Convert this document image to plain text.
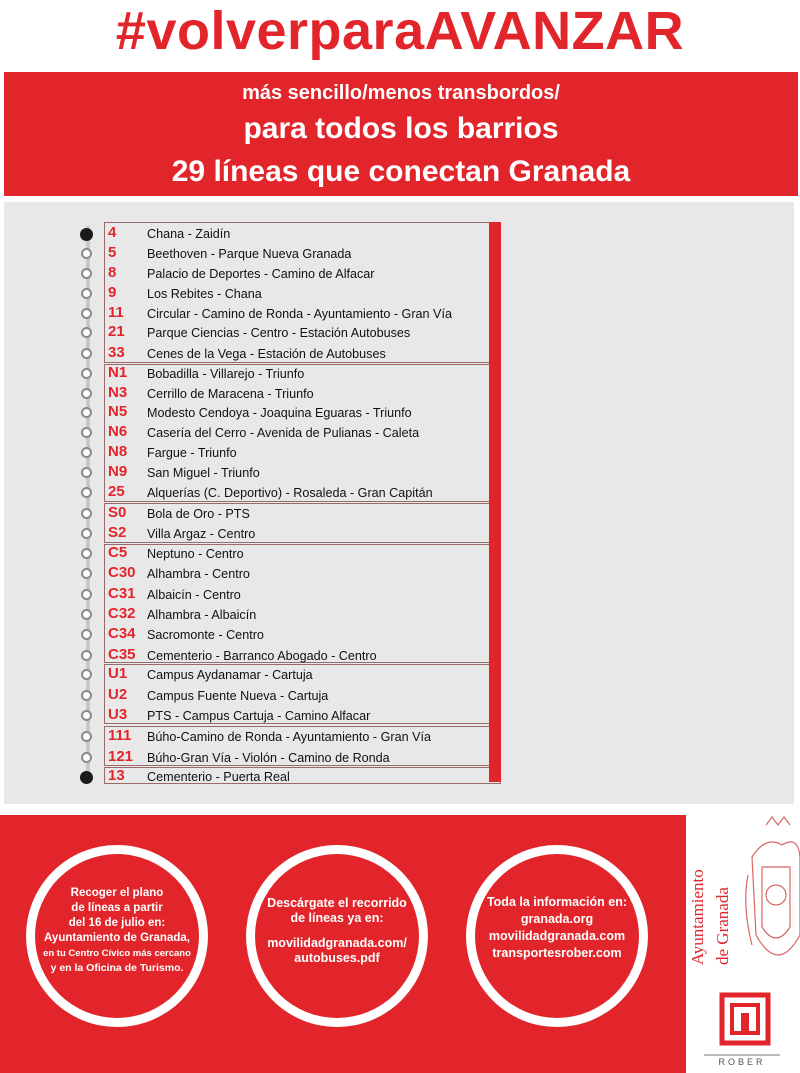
#volverparaAVANZAR
más sencillo/menos transbordos/
para todos los barrios
29 líneas que conectan Granada
4	Chana - Zaidín
5	Beethoven - Parque Nueva Granada
8	Palacio de Deportes - Camino de Alfacar
9	Los Rebites - Chana
11	Circular - Camino de Ronda - Ayuntamiento - Gran Vía
21	Parque Ciencias - Centro - Estación Autobuses
33	Cenes de la Vega - Estación de Autobuses
N1	Bobadilla - Villarejo - Triunfo
N3	Cerrillo de Maracena - Triunfo
N5	Modesto Cendoya - Joaquina Eguaras - Triunfo
N6	Casería del Cerro - Avenida de Pulianas - Caleta
N8	Fargue - Triunfo
N9	San Miguel - Triunfo
25	Alquerías (C. Deportivo) - Rosaleda - Gran Capitán
S0	Bola de Oro - PTS
S2	Villa Argaz - Centro
C5	Neptuno - Centro
C30 Alhambra - Centro
C31 Albaicín - Centro
C32 Alhambra - Albaicín
C34 Sacromonte - Centro
C35 Cementerio - Barranco Abogado - Centro
U1	Campus Aydanamar - Cartuja
U2	Campus Fuente Nueva - Cartuja
U3	PTS - Campus Cartuja - Camino Alfacar
111	Búho-Camino de Ronda - Ayuntamiento - Gran Vía
121	Búho-Gran Vía - Violón - Camino de Ronda
13	Cementerio - Puerta Real
Recoger el plano
de líneas a partir
del 16 de julio en:
Ayuntamiento de Granada,
en tu Centro Cívico más cercano
y en la Oficina de Turismo.
Descárgate el recorrido
de líneas ya en:
movilidadgranada.com/
autobuses.pdf
Toda la información en:
granada.org
movilidadgranada.com
transportesrober.com	Ayuntamiento de Granada
ROBER
